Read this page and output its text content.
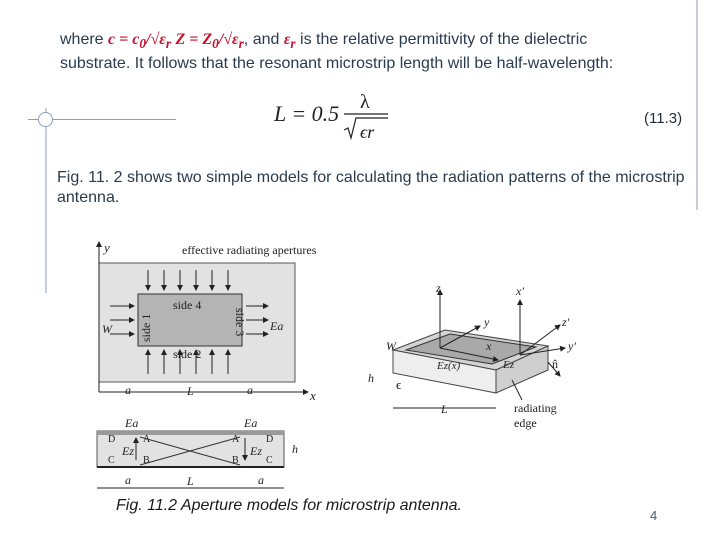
where $c = c_0/√\varepsilon_r$ $Z = Z_0/√\varepsilon_r$, and $\varepsilon_r$ is the relative permittivity of the dielectric
substrate. It follows that the resonant microstrip length will be half-wavelength:
L = 0.5 λ
ϵr
(11.3)
Fig. 11. 2 shows two simple models for calculating the radiation patterns of the microstrip antenna.
y
x
effective radiating apertures
side 4
side 1	side 3
side 2
W	Ea
a	L	a
Ea	Ea
D	A
Ez
C	B
A	D
Ez
B	C
h
a	L	a
z	x'
y	z'
W	x	y'
Ez(x)	Ez	n̂
h ϵ
L	radiating
edge
Fig. 11.2 Aperture models for microstrip antenna.
4
